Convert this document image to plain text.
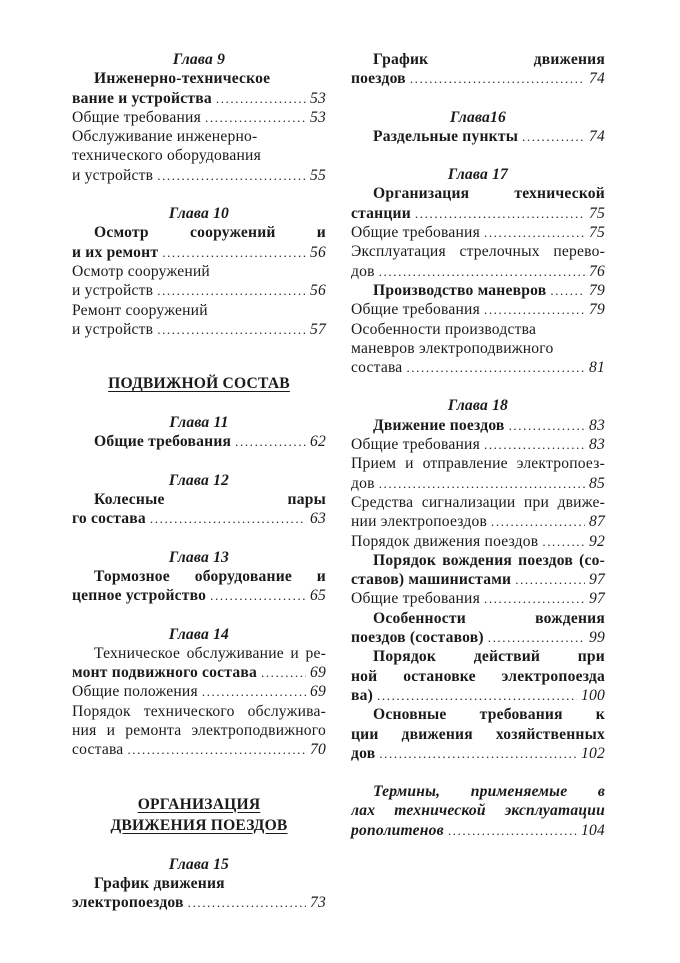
Глава 9
Инженерно-техническое
вание и устройства .....	53
Общие требования .....	53
Обслуживание инженерно-
технического оборудования
и устройств .....	55
Глава 10
Осмотр сооружений и
и их ремонт .....	56
Осмотр сооружений
и устройств .....	56
Ремонт сооружений
и устройств .....	57
ПОДВИЖНОЙ СОСТАВ
Глава 11
Общие требования .....	62
Глава 12
Колесные пары
го состава .....	63
Глава 13
Тормозное оборудование и
цепное устройство .....	65
Глава 14
Техническое обслуживание и ре-
монт подвижного состава .....	69
Общие положения .....	69
Порядок технического обслужива-
ния и ремонта электроподвижного
состава .....	70
ОРГАНИЗАЦИЯ
ДВИЖЕНИЯ ПОЕЗДОВ
Глава 15
График движения
электропоездов .....	73
График движения
поездов .....	74
Глава16
Раздельные пункты .....	74
Глава 17
Организация технической
станции .....	75
Общие требования .....	75
Эксплуатация стрелочных перево-
дов .....	76
Производство маневров .....	79
Общие требования .....	79
Особенности производства
маневров электроподвижного
состава .....	81
Глава 18
Движение поездов .....	83
Общие требования .....	83
Прием и отправление электропоез-
дов .....	85
Средства сигнализации при движе-
нии электропоездов .....	87
Порядок движения поездов .....	92
Порядок вождения поездов (со-
ставов) машинистами .....	97
Общие требования .....	97
Особенности вождения
поездов (составов) .....	99
Порядок действий при
ной остановке электропоезда
ва) .....	100
Основные требования к
ции движения хозяйственных
дов .....	102
Термины, применяемые в
лах технической эксплуатации
рополитенов .....	104
